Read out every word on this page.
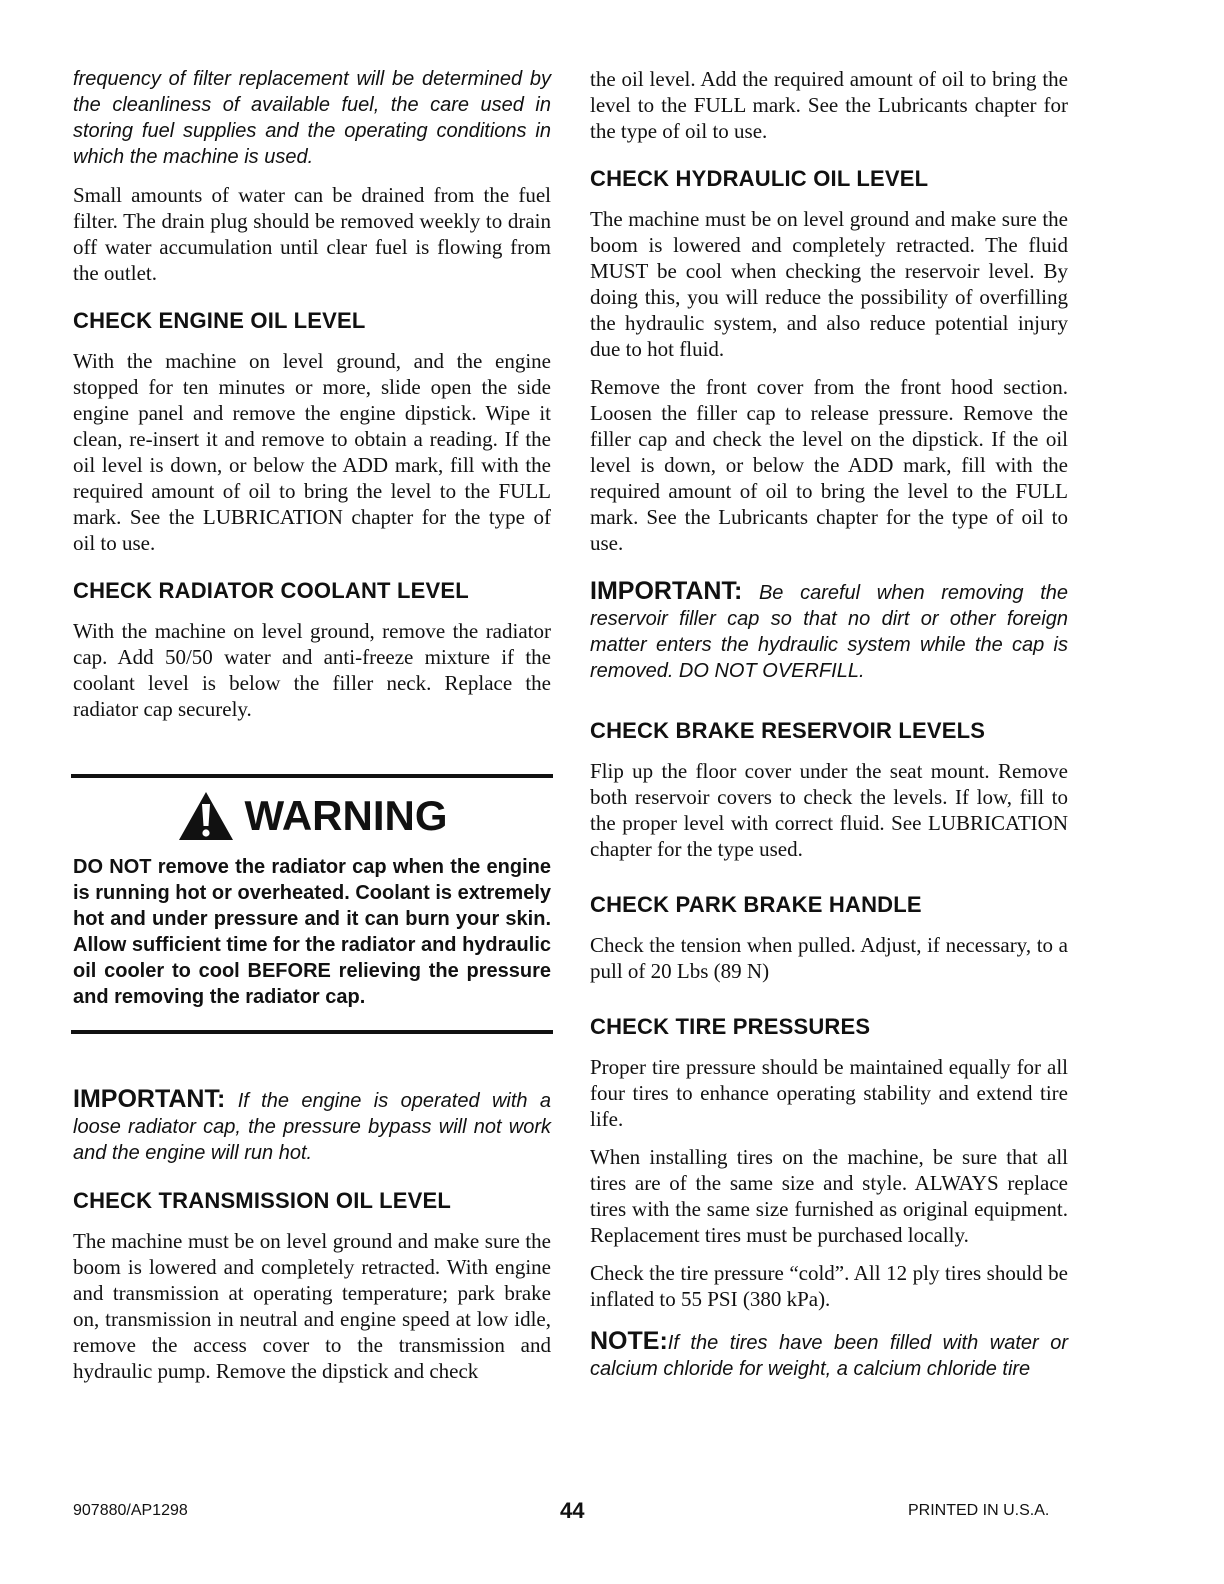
frequency of filter replacement will be determined by the cleanliness of available fuel, the care used in storing fuel supplies and the operating conditions in which the machine is used.

Small amounts of water can be drained from the fuel filter. The drain plug should be removed weekly to drain off water accumulation until clear fuel is flowing from the outlet.

CHECK ENGINE OIL LEVEL

With the machine on level ground, and the engine stopped for ten minutes or more, slide open the side engine panel and remove the engine dipstick. Wipe it clean, re-insert it and remove to obtain a reading. If the oil level is down, or below the ADD mark, fill with the required amount of oil to bring the level to the FULL mark. See the LUBRICATION chapter for the type of oil to use.

CHECK RADIATOR COOLANT LEVEL

With the machine on level ground, remove the radiator cap. Add 50/50 water and anti-freeze mixture if the coolant level is below the filler neck. Replace the radiator cap securely.

WARNING

DO NOT remove the radiator cap when the engine is running hot or overheated. Coolant is extremely hot and under pressure and it can burn your skin. Allow sufficient time for the radiator and hydraulic oil cooler to cool BEFORE relieving the pressure and removing the radiator cap.

IMPORTANT: If the engine is operated with a loose radiator cap, the pressure bypass will not work and the engine will run hot.

CHECK TRANSMISSION OIL LEVEL

The machine must be on level ground and make sure the boom is lowered and completely retracted. With engine and transmission at operating temperature; park brake on, transmission in neutral and engine speed at low idle, remove the access cover to the transmission and hydraulic pump. Remove the dipstick and check

the oil level. Add the required amount of oil to bring the level to the FULL mark. See the Lubricants chapter for the type of oil to use.

CHECK HYDRAULIC OIL LEVEL

The machine must be on level ground and make sure the boom is lowered and completely retracted. The fluid MUST be cool when checking the reservoir level. By doing this, you will reduce the possibility of overfilling the hydraulic system, and also reduce potential injury due to hot fluid.

Remove the front cover from the front hood section. Loosen the filler cap to release pressure. Remove the filler cap and check the level on the dipstick. If the oil level is down, or below the ADD mark, fill with the required amount of oil to bring the level to the FULL mark. See the Lubricants chapter for the type of oil to use.

IMPORTANT: Be careful when removing the reservoir filler cap so that no dirt or other foreign matter enters the hydraulic system while the cap is removed. DO NOT OVERFILL.

CHECK BRAKE RESERVOIR LEVELS

Flip up the floor cover under the seat mount. Remove both reservoir covers to check the levels. If low, fill to the proper level with correct fluid. See LUBRICATION chapter for the type used.

CHECK PARK BRAKE HANDLE

Check the tension when pulled. Adjust, if necessary, to a pull of 20 Lbs (89 N)

CHECK TIRE PRESSURES

Proper tire pressure should be maintained equally for all four tires to enhance operating stability and extend tire life.

When installing tires on the machine, be sure that all tires are of the same size and style. ALWAYS replace tires with the same size furnished as original equipment. Replacement tires must be purchased locally.

Check the tire pressure “cold”. All 12 ply tires should be inflated to 55 PSI (380 kPa).

NOTE:If the tires have been filled with water or calcium chloride for weight, a calcium chloride tire

907880/AP1298	44	PRINTED IN U.S.A.
